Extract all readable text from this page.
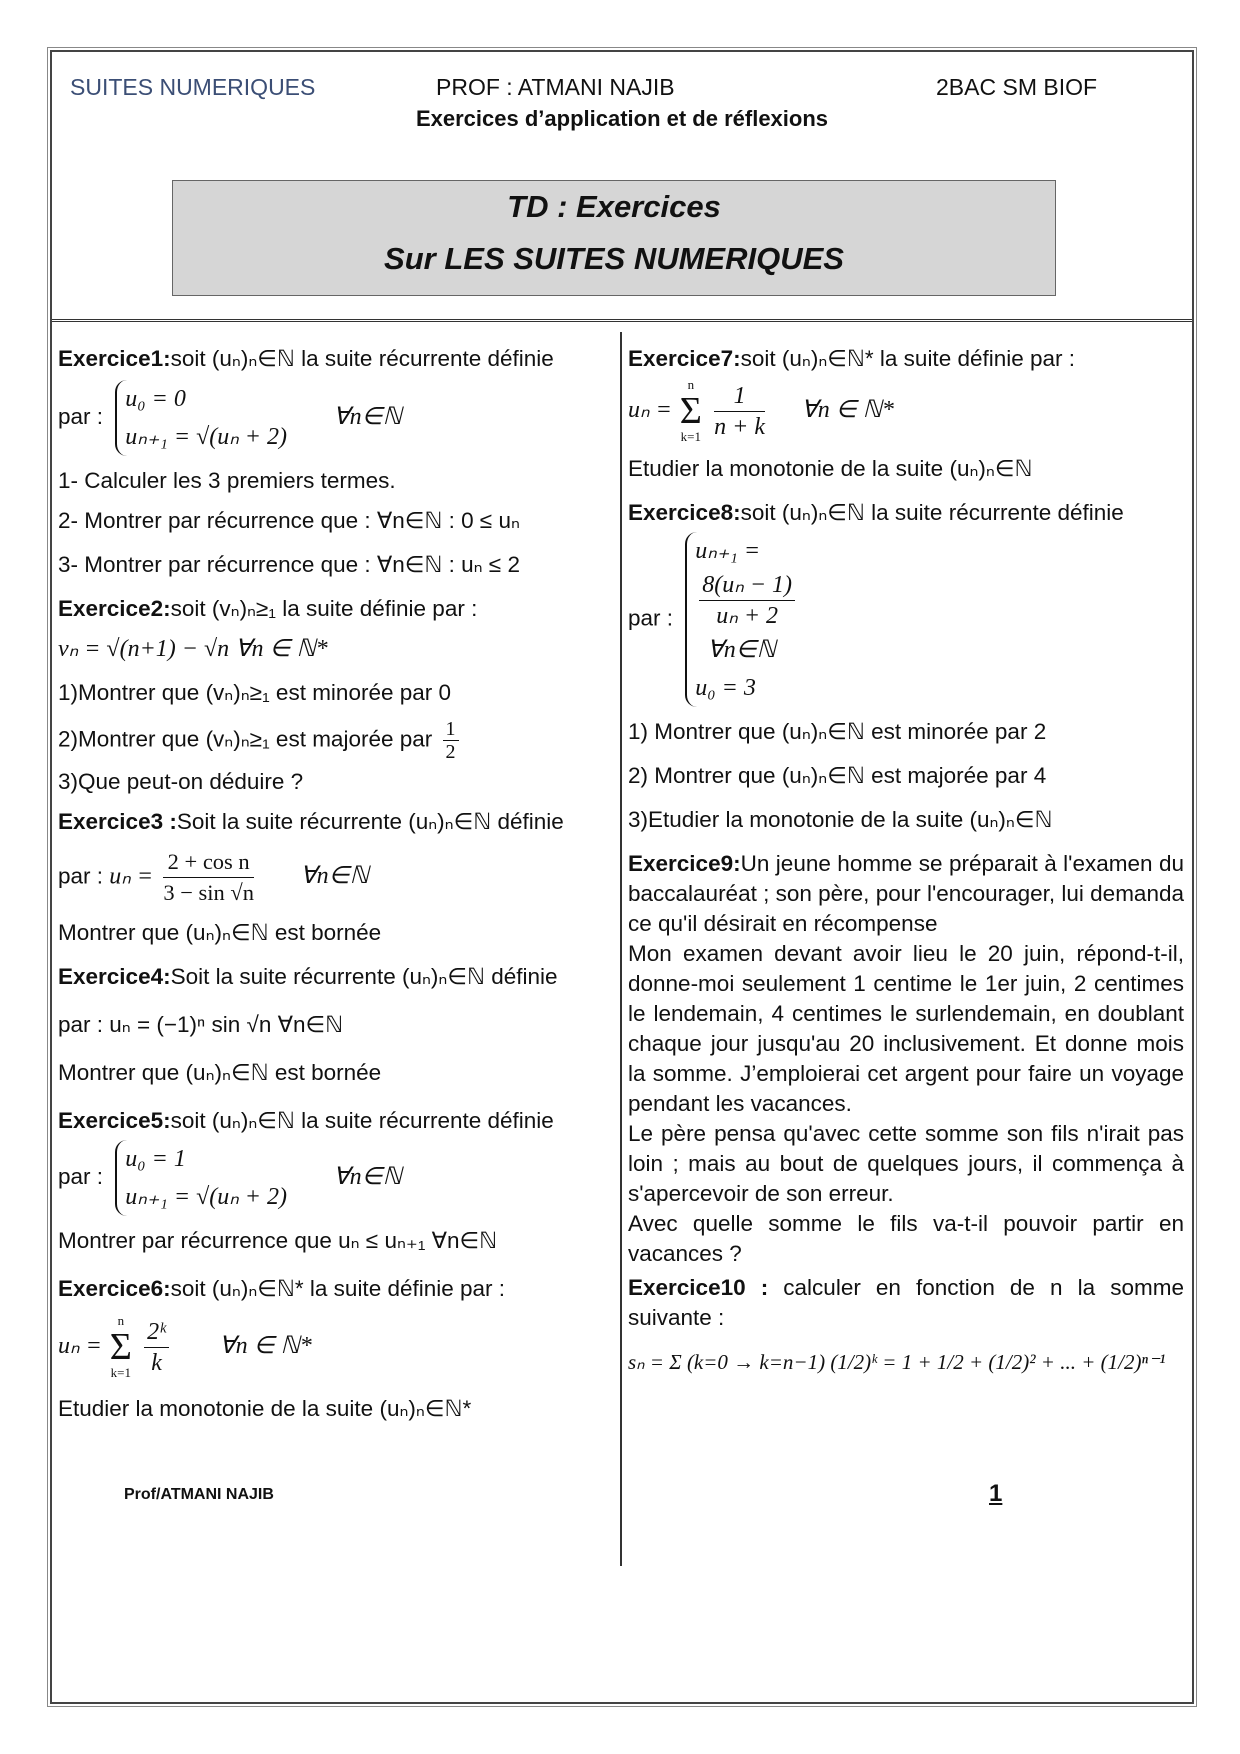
SUITES NUMERIQUES	PROF : ATMANI NAJIB	2BAC SM BIOF
Exercices d’application et de réflexions
TD : Exercices
Sur LES SUITES NUMERIQUES
Exercice1:soit (uₙ)ₙ∈ℕ la suite récurrente définie
par :
u₀ = 0
uₙ₊₁ = √(uₙ + 2)
∀n∈ℕ
1- Calculer les 3 premiers termes.
2- Montrer par récurrence que : ∀n∈ℕ : 0 ≤ uₙ
3- Montrer par récurrence que : ∀n∈ℕ : uₙ ≤ 2
Exercice2:soit (vₙ)ₙ≥₁ la suite définie par :
vₙ = √(n+1) − √n ∀n ∈ ℕ*
1)Montrer que (vₙ)ₙ≥₁ est minorée par 0
2)Montrer que (vₙ)ₙ≥₁ est majorée par $\frac{1}{2}$
3)Que peut-on déduire ?
Exercice3 :Soit la suite récurrente (uₙ)ₙ∈ℕ définie
par : $u_n = \frac{\text{2 + cos n}}{3 - \sin √n}$ ∀n∈ℕ
Montrer que (uₙ)ₙ∈ℕ est bornée
Exercice4:Soit la suite récurrente (uₙ)ₙ∈ℕ définie
par : uₙ = (−1)ⁿ sin √n ∀n∈ℕ
Montrer que (uₙ)ₙ∈ℕ est bornée
Exercice5:soit (uₙ)ₙ∈ℕ la suite récurrente définie
par :
u₀ = 1
uₙ₊₁ = √(uₙ + 2)
∀n∈ℕ
Montrer par récurrence que uₙ ≤ uₙ₊₁ ∀n∈ℕ
Exercice6:soit (uₙ)ₙ∈ℕ* la suite définie par :
uₙ =
n
Σ
k=1
$\frac{\text{2ᵏ}}{k}$ ∀n ∈ ℕ*
Etudier la monotonie de la suite (uₙ)ₙ∈ℕ*
Exercice7:soit (uₙ)ₙ∈ℕ* la suite définie par :
uₙ =
n
Σ
k=1
$\frac{1}{n + k}$ ∀n ∈ ℕ*
Etudier la monotonie de la suite (uₙ)ₙ∈ℕ
Exercice8:soit (uₙ)ₙ∈ℕ la suite récurrente définie
par :
uₙ₊₁ =
8(uₙ − 1)
uₙ + 2
∀n∈ℕ
u₀ = 3
1) Montrer que (uₙ)ₙ∈ℕ est minorée par 2
2) Montrer que (uₙ)ₙ∈ℕ est majorée par 4
3)Etudier la monotonie de la suite (uₙ)ₙ∈ℕ
Exercice9:Un jeune homme se préparait à l'examen du baccalauréat ; son père, pour l'encourager, lui demanda ce qu'il désirait en récompense
Mon examen devant avoir lieu le 20 juin, répond-t-il, donne-moi seulement 1 centime le 1er juin, 2 centimes le lendemain, 4 centimes le surlendemain, en doublant chaque jour jusqu'au 20 inclusivement. Et donne mois la somme. J’emploierai cet argent pour faire un voyage pendant les vacances.
Le père pensa qu'avec cette somme son fils n'irait pas loin ; mais au bout de quelques jours, il commença à s'apercevoir de son erreur.
Avec quelle somme le fils va-t-il pouvoir partir en vacances ?
Exercice10 : calculer en fonction de n la somme suivante :
sₙ = Σ (k=0 → k=n−1) (1/2)ᵏ = 1 + 1/2 + (1/2)² + ... + (1/2)ⁿ⁻¹
Prof/ATMANI NAJIB	1
